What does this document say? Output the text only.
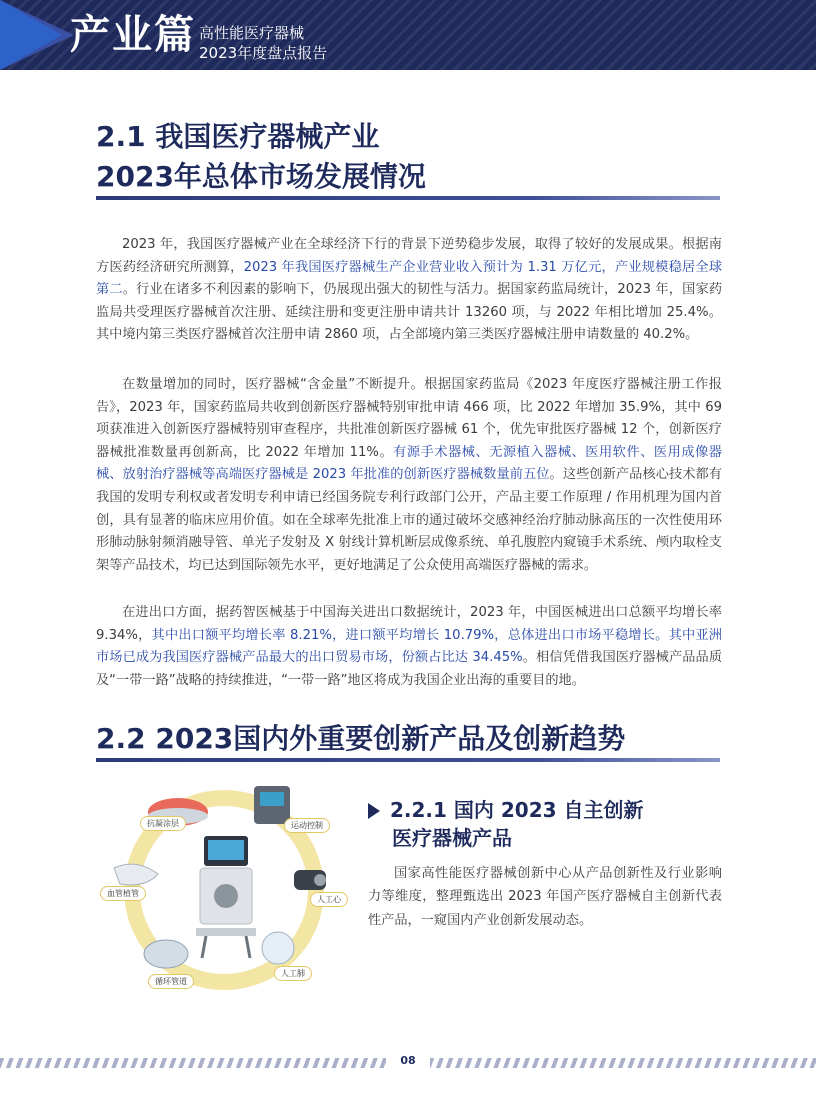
产业篇 高性能医疗器械
2023年度盘点报告
2.1 我国医疗器械产业
2023年总体市场发展情况

2023 年，我国医疗器械产业在全球经济下行的背景下逆势稳步发展，取得了较好的发展成果。根据南方医药经济研究所测算，2023 年我国医疗器械生产企业营业收入预计为 1.31 万亿元，产业规模稳居全球第二。行业在诸多不利因素的影响下，仍展现出强大的韧性与活力。据国家药监局统计，2023 年，国家药监局共受理医疗器械首次注册、延续注册和变更注册申请共计 13260 项，与 2022 年相比增加 25.4%。其中境内第三类医疗器械首次注册申请 2860 项，占全部境内第三类医疗器械注册申请数量的 40.2%。

在数量增加的同时，医疗器械“含金量”不断提升。根据国家药监局《2023 年度医疗器械注册工作报告》，2023 年，国家药监局共收到创新医疗器械特别审批申请 466 项，比 2022 年增加 35.9%，其中 69 项获准进入创新医疗器械特别审查程序，共批准创新医疗器械 61 个，优先审批医疗器械 12 个，创新医疗器械批准数量再创新高，比 2022 年增加 11%。有源手术器械、无源植入器械、医用软件、医用成像器械、放射治疗器械等高端医疗器械是 2023 年批准的创新医疗器械数量前五位。这些创新产品核心技术都有我国的发明专利权或者发明专利申请已经国务院专利行政部门公开，产品主要工作原理 / 作用机理为国内首创，具有显著的临床应用价值。如在全球率先批准上市的通过破坏交感神经治疗肺动脉高压的一次性使用环形肺动脉射频消融导管、单光子发射及 X 射线计算机断层成像系统、单孔腹腔内窥镜手术系统、颅内取栓支架等产品技术，均已达到国际领先水平，更好地满足了公众使用高端医疗器械的需求。

在进出口方面，据药智医械基于中国海关进出口数据统计，2023 年，中国医械进出口总额平均增长率 9.34%，其中出口额平均增长率 8.21%，进口额平均增长 10.79%，总体进出口市场平稳增长。其中亚洲市场已成为我国医疗器械产品最大的出口贸易市场，份额占比达 34.45%。相信凭借我国医疗器械产品品质及“一带一路”战略的持续推进，“一带一路”地区将成为我国企业出海的重要目的地。

2.2 2023国内外重要创新产品及创新趋势
抗凝涂层	运动控制
血管植管
人工心
人工肺
循环管道
2.2.1 国内 2023 自主创新
医疗器械产品

国家高性能医疗器械创新中心从产品创新性及行业影响力等维度，整理甄选出 2023 年国产医疗器械自主创新代表性产品，一窥国内产业创新发展动态。

08
